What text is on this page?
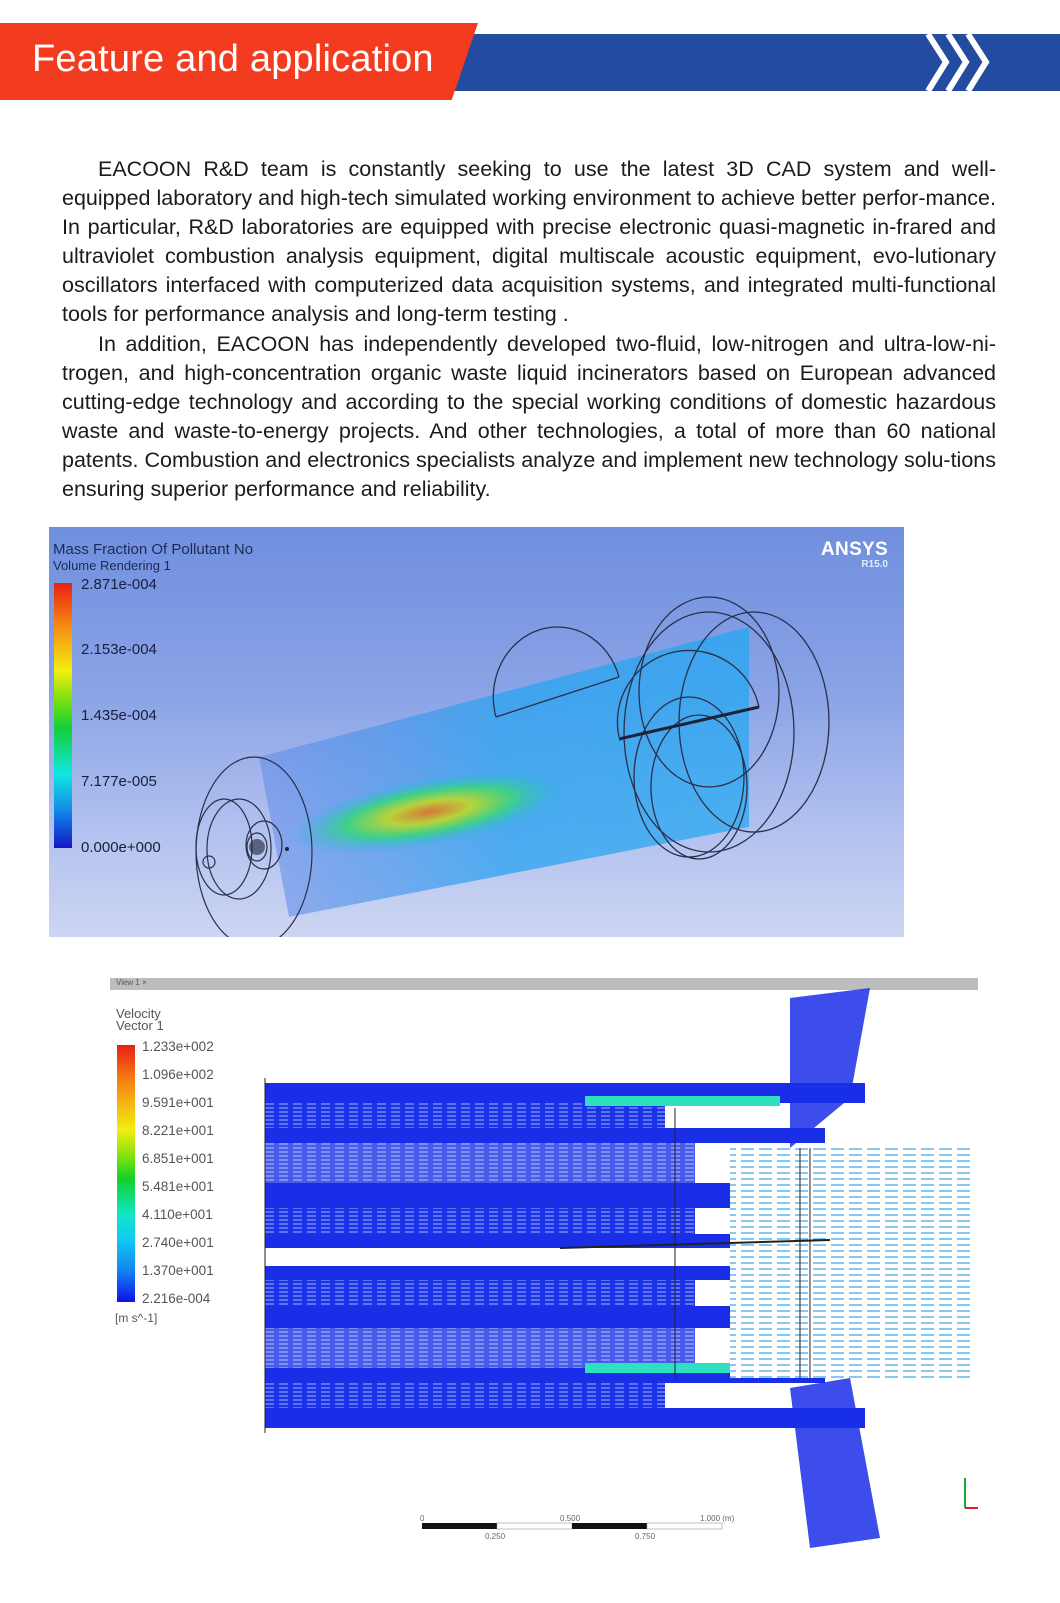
Feature and application

EACOON R&D team is constantly seeking to use the latest 3D CAD system and well-equipped laboratory and high-tech simulated working environment to achieve better perfor-mance. In particular, R&D laboratories are equipped with precise electronic quasi-magnetic in-frared and ultraviolet combustion analysis equipment, digital multiscale acoustic equipment, evo-lutionary oscillators interfaced with computerized data acquisition systems, and integrated multi-functional tools for performance analysis and long-term testing .

In addition, EACOON has independently developed two-fluid, low-nitrogen and ultra-low-ni-trogen, and high-concentration organic waste liquid incinerators based on European advanced cutting-edge technology and according to the special working conditions of domestic hazardous waste and waste-to-energy projects. And other technologies, a total of more than 60 national patents. Combustion and electronics specialists analyze and implement new technology solu-tions ensuring superior performance and reliability.

Mass Fraction Of Pollutant No
Volume Rendering 1
2.871e-004
2.153e-004
1.435e-004
7.177e-005
0.000e+000
ANSYS
R15.0
View 1 ×
Velocity
Vector 1
1.233e+002
1.096e+002
9.591e+001
8.221e+001
6.851e+001
5.481e+001
4.110e+001
2.740e+001
1.370e+001
2.216e-004
[m s^-1]
0	0.500	1.000 (m)
0.250	0.750
